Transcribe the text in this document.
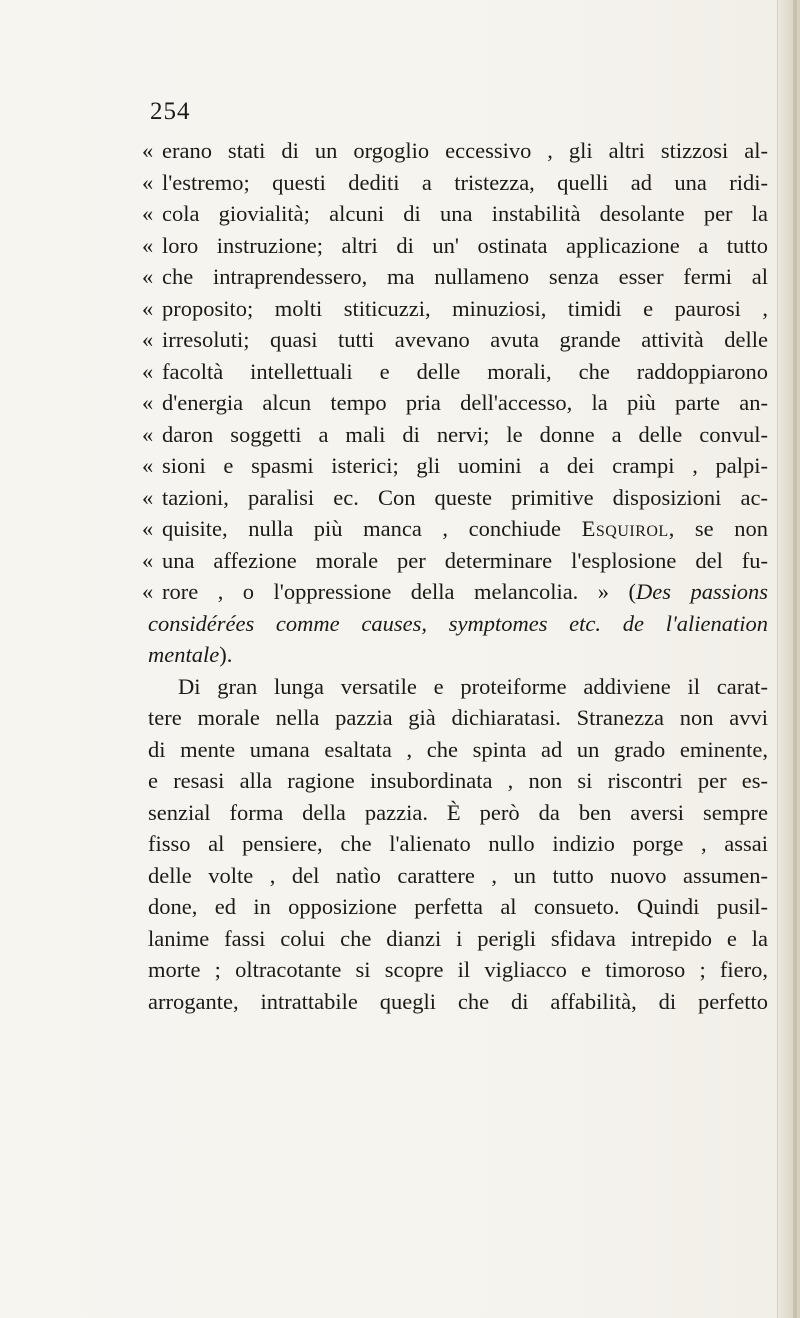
254
« erano stati di un orgoglio eccessivo , gli altri stizzosi al-
« l'estremo; questi dediti a tristezza, quelli ad una ridi-
« cola giovialità; alcuni di una instabilità desolante per la
« loro instruzione; altri di un' ostinata applicazione a tutto
« che intraprendessero, ma nullameno senza esser fermi al
« proposito; molti stiticuzzi, minuziosi, timidi e paurosi ,
« irresoluti; quasi tutti avevano avuta grande attività delle
« facoltà intellettuali e delle morali, che raddoppiarono
« d'energia alcun tempo pria dell'accesso, la più parte an-
« daron soggetti a mali di nervi; le donne a delle convul-
« sioni e spasmi isterici; gli uomini a dei crampi , palpi-
« tazioni, paralisi ec. Con queste primitive disposizioni ac-
« quisite, nulla più manca , conchiude Esquirol, se non
« una affezione morale per determinare l'esplosione del fu-
« rore , o l'oppressione della melancolia. » (Des passions
considérées comme causes, symptomes etc. de l'alienation
mentale).
Di gran lunga versatile e proteiforme addiviene il carat-
tere morale nella pazzia già dichiaratasi. Stranezza non avvi
di mente umana esaltata , che spinta ad un grado eminente,
e resasi alla ragione insubordinata , non si riscontri per es-
senzial forma della pazzia. È però da ben aversi sempre
fisso al pensiere, che l'alienato nullo indizio porge , assai
delle volte , del natìo carattere , un tutto nuovo assumen-
done, ed in opposizione perfetta al consueto. Quindi pusil-
lanime fassi colui che dianzi i perigli sfidava intrepido e la
morte ; oltracotante si scopre il vigliacco e timoroso ; fiero,
arrogante, intrattabile quegli che di affabilità, di perfetto
